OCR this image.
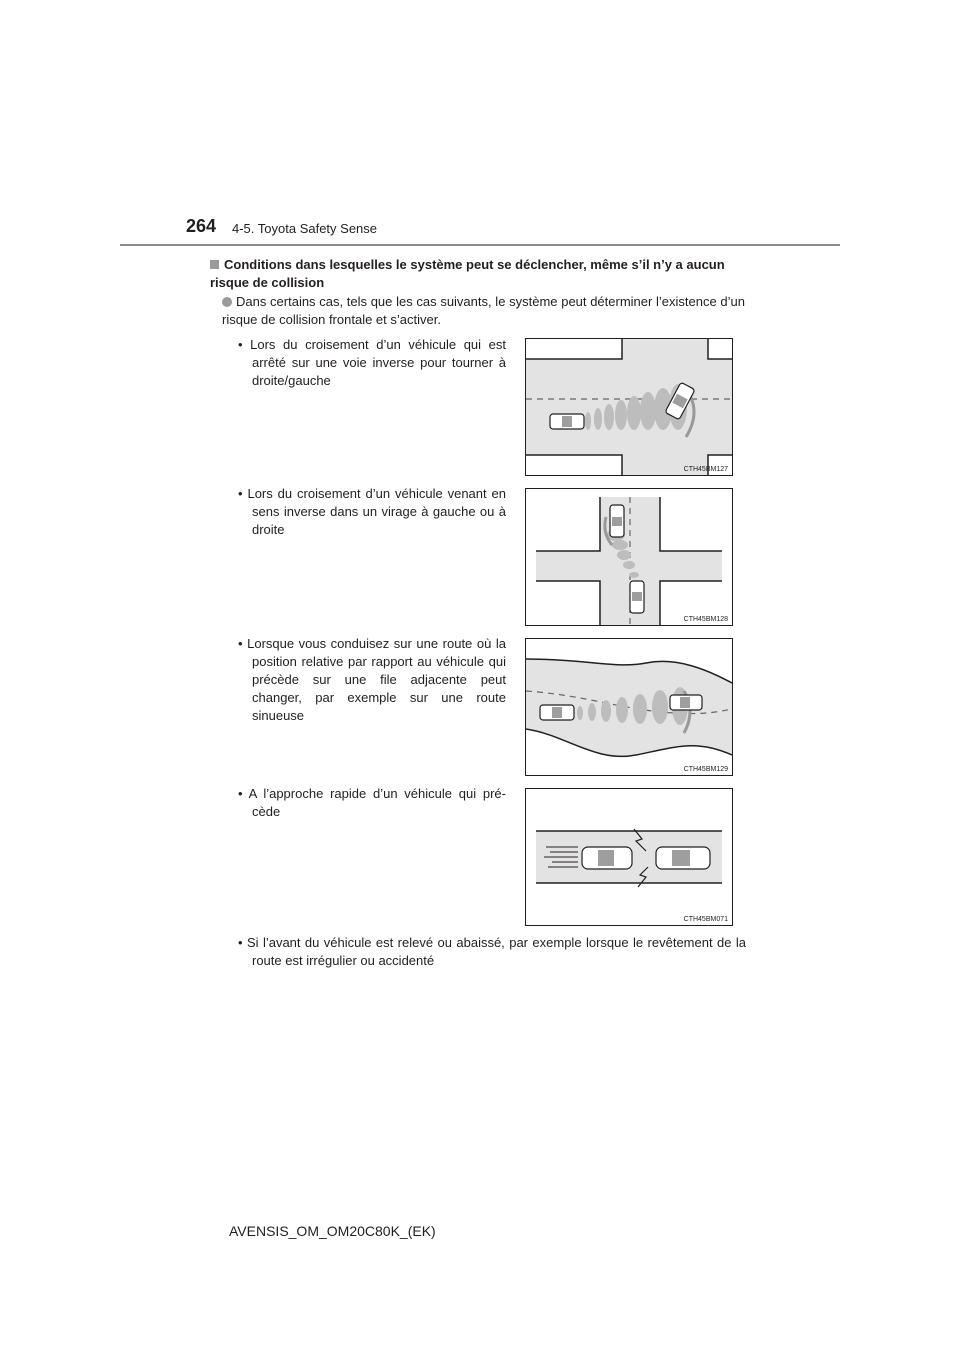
264 4-5. Toyota Safety Sense
Conditions dans lesquelles le système peut se déclencher, même s’il n’y a aucun risque de collision
Dans certains cas, tels que les cas suivants, le système peut déterminer l’existence d’un risque de collision frontale et s’activer.
• Lors du croisement d’un véhicule qui est arrêté sur une voie inverse pour tourner à droite/gauche
CTH45BM127
• Lors du croisement d’un véhicule venant en sens inverse dans un virage à gauche ou à droite
CTH45BM128
• Lorsque vous conduisez sur une route où la position relative par rapport au véhicule qui précède sur une file adjacente peut changer, par exemple sur une route sinueuse
CTH45BM129
• A l’approche rapide d’un véhicule qui pré-cède
CTH45BM071
• Si l’avant du véhicule est relevé ou abaissé, par exemple lorsque le revêtement de la route est irrégulier ou accidenté
AVENSIS_OM_OM20C80K_(EK)
